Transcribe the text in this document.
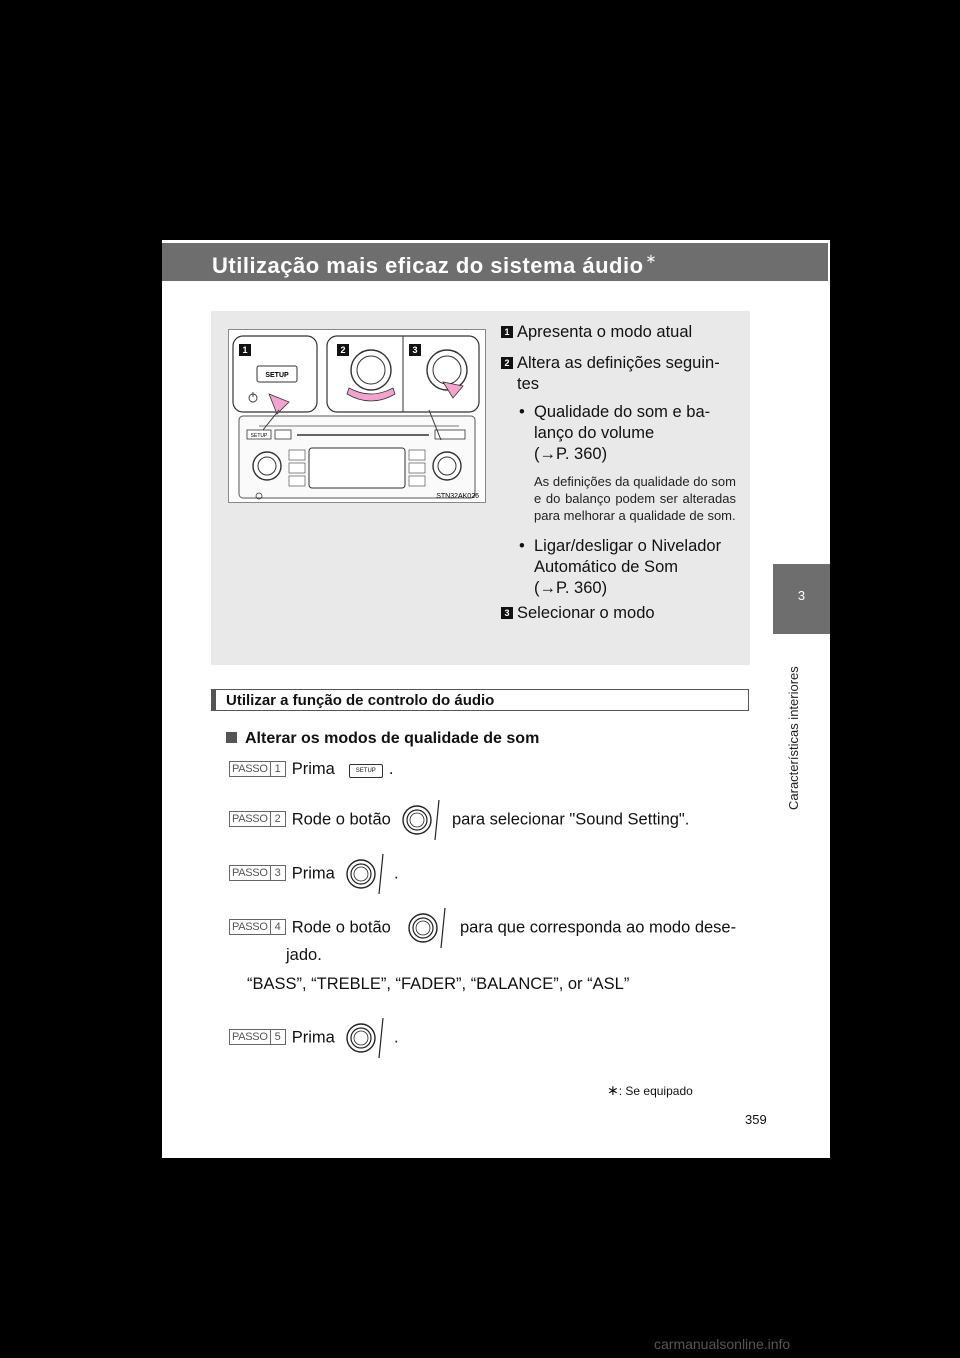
Utilização mais eficaz do sistema áudio ∗
3
Características interiores
SETUP
SETUP
1	2	3
STN32AK026
1 Apresenta o modo atual
2 Altera as definições seguin-tes
• Qualidade do som e ba-lanço do volume
(→P. 360)
As definições da qualidade do som e do balanço podem ser alteradas para melhorar a qualidade de som.
• Ligar/desligar o Nivelador Automático de Som
(→P. 360)
3 Selecionar o modo
Utilizar a função de controlo do áudio
Alterar os modos de qualidade de som
PASSO 1 Prima	SETUP .
PASSO 2 Rode o botão	para selecionar "Sound Setting".
PASSO 3 Prima	.
PASSO 4 Rode o botão	para que corresponda ao modo dese-
jado.
“BASS”, “TREBLE”, “FADER”, “BALANCE”, or “ASL”
PASSO 5 Prima	.
∗: Se equipado
359
carmanualsonline.info
